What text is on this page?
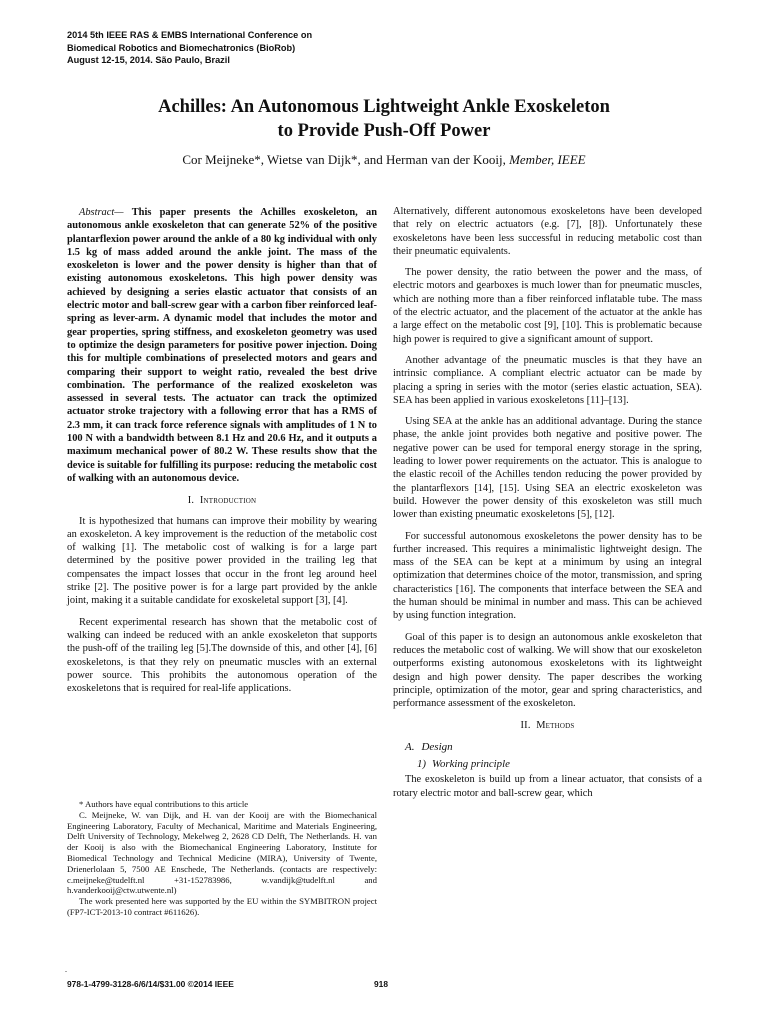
2014 5th IEEE RAS & EMBS International Conference on
Biomedical Robotics and Biomechatronics (BioRob)
August 12-15, 2014. São Paulo, Brazil
Achilles: An Autonomous Lightweight Ankle Exoskeleton
to Provide Push-Off Power
Cor Meijneke*, Wietse van Dijk*, and Herman van der Kooij, Member, IEEE

Abstract— This paper presents the Achilles exoskeleton, an autonomous ankle exoskeleton that can generate 52% of the positive plantarflexion power around the ankle of a 80 kg individual with only 1.5 kg of mass added around the ankle joint. The mass of the exoskeleton is lower and the power density is higher than that of existing autonomous exoskeletons. This high power density was achieved by designing a series elastic actuator that consists of an electric motor and ball-screw gear with a carbon fiber reinforced leaf-spring as lever-arm. A dynamic model that includes the motor and gear properties, spring stiffness, and exoskeleton geometry was used to optimize the design parameters for positive power injection. Doing this for multiple combinations of preselected motors and gears and comparing their support to weight ratio, revealed the best drive combination. The performance of the realized exoskeleton was assessed in several tests. The actuator can track the optimized actuator stroke trajectory with a following error that has a RMS of 2.3 mm, it can track force reference signals with amplitudes of 1 N to 100 N with a bandwidth between 8.1 Hz and 20.6 Hz, and it outputs a maximum mechanical power of 80.2 W. These results show that the device is suitable for fulfilling its purpose: reducing the metabolic cost of walking with an autonomous device.

I. Introduction

It is hypothesized that humans can improve their mobility by wearing an exoskeleton. A key improvement is the reduction of the metabolic cost of walking [1]. The metabolic cost of walking is for a large part determined by the positive power provided in the trailing leg that compensates the impact losses that occur in the front leg around heel strike [2]. The positive power is for a large part provided by the ankle joint, making it a suitable candidate for exoskeletal support [3], [4].

Recent experimental research has shown that the metabolic cost of walking can indeed be reduced with an ankle exoskeleton that supports the push-off of the trailing leg [5].The downside of this, and other [4], [6] exoskeletons, is that they rely on pneumatic muscles with an external power source. This prohibits the autonomous operation of the exoskeletons that is required for real-life applications.

* Authors have equal contributions to this article

C. Meijneke, W. van Dijk, and H. van der Kooij are with the Biomechanical Engineering Laboratory, Faculty of Mechanical, Maritime and Materials Engineering, Delft University of Technology, Mekelweg 2, 2628 CD Delft, The Netherlands. H. van der Kooij is also with the Biomechanical Engineering Laboratory, Institute for Biomedical Technology and Technical Medicine (MIRA), University of Twente, Drienerlolaan 5, 7500 AE Enschede, The Netherlands. (contacts are respectively: c.meijneke@tudelft.nl +31-152783986, w.vandijk@tudelft.nl and h.vanderkooij@ctw.utwente.nl)

The work presented here was supported by the EU within the SYMBITRON project (FP7-ICT-2013-10 contract #611626).

.

Alternatively, different autonomous exoskeletons have been developed that rely on electric actuators (e.g. [7], [8]). Unfortunately these exoskeletons have been less successful in reducing metabolic cost than their pneumatic equivalents.

The power density, the ratio between the power and the mass, of electric motors and gearboxes is much lower than for pneumatic muscles, which are nothing more than a fiber reinforced inflatable tube. The mass of the electric actuator, and the placement of the actuator at the ankle has a large effect on the metabolic cost [9], [10]. This is problematic because high power is required to give a significant amount of support.

Another advantage of the pneumatic muscles is that they have an intrinsic compliance. A compliant electric actuator can be made by placing a spring in series with the motor (series elastic actuation, SEA). SEA has been applied in various exoskeletons [11]–[13].

Using SEA at the ankle has an additional advantage. During the stance phase, the ankle joint provides both negative and positive power. The negative power can be used for temporal energy storage in the spring, leading to lower power requirements on the actuator. This is analogue to the elastic recoil of the Achilles tendon reducing the power provided by the plantarflexors [14], [15]. Using SEA an electric exoskeleton was build. However the power density of this exoskeleton was still much lower than existing pneumatic exoskeletons [5], [12].

For successful autonomous exoskeletons the power density has to be further increased. This requires a minimalistic lightweight design. The mass of the SEA can be kept at a minimum by using an integral optimization that determines choice of the motor, transmission, and spring characteristics [16]. The components that interface between the SEA and the human should be minimal in number and mass. This can be achieved by using function integration.

Goal of this paper is to design an autonomous ankle exoskeleton that reduces the metabolic cost of walking. We will show that our exoskeleton outperforms existing autonomous exoskeletons with its lightweight design and high power density. The paper describes the working principle, optimization of the motor, gear and spring characteristics, and performance assessment of the exoskeleton.

II. Methods
A. Design
1) Working principle

The exoskeleton is build up from a linear actuator, that consists of a rotary electric motor and ball-screw gear, which

978-1-4799-3128-6/6/14/$31.00 ©2014 IEEE	918
